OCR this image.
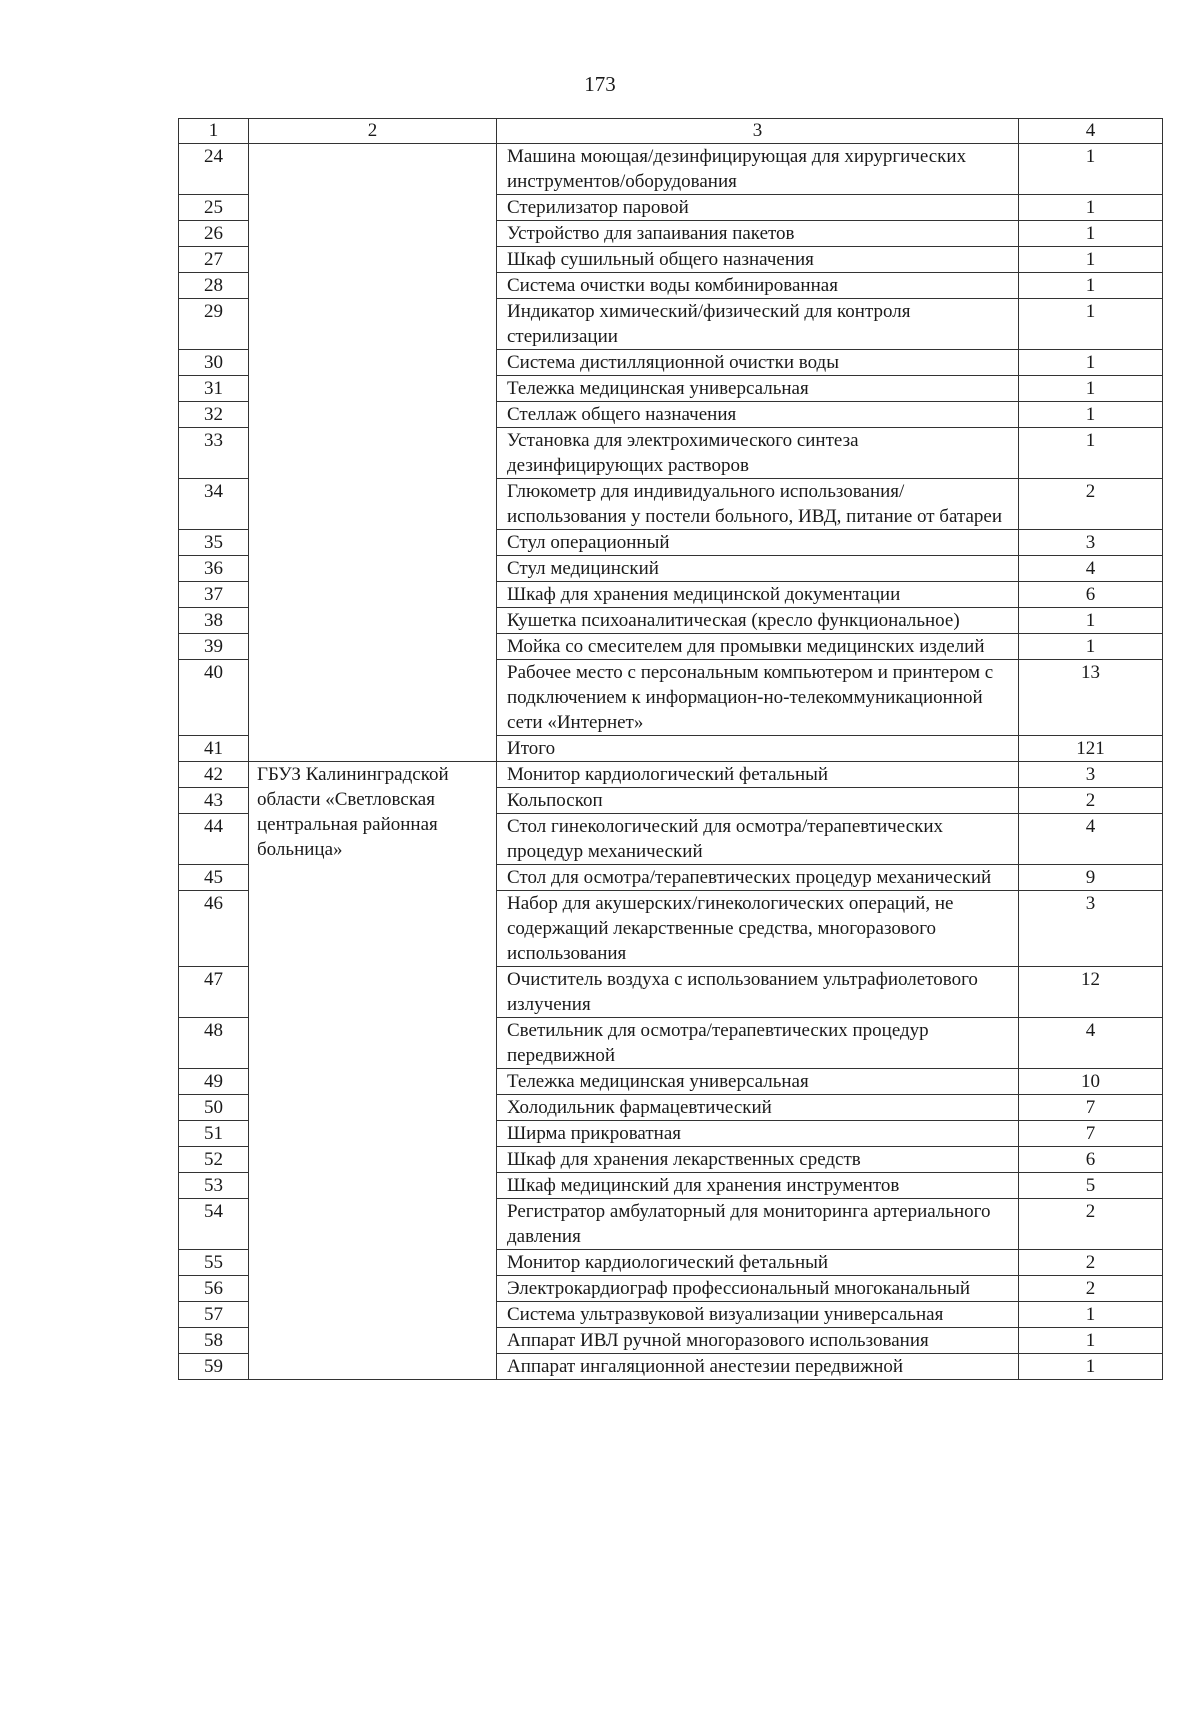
173
1	2	3	4
24		Машина моющая/дезинфицирующая для хирургических инструментов/оборудования	1
25		Стерилизатор паровой	1
26		Устройство для запаивания пакетов	1
27		Шкаф сушильный общего назначения	1
28		Система очистки воды комбинированная	1
29		Индикатор химический/физический для контроля стерилизации	1
30		Система дистилляционной очистки воды	1
31		Тележка медицинская универсальная	1
32		Стеллаж общего назначения	1
33		Установка для электрохимического синтеза дезинфицирующих растворов	1
34		Глюкометр для индивидуального использования/использования у постели больного, ИВД, питание от батареи	2
35		Стул операционный	3
36		Стул медицинский	4
37		Шкаф для хранения медицинской документации	6
38		Кушетка психоаналитическая (кресло функциональное)	1
39		Мойка со смесителем для промывки медицинских изделий	1
40		Рабочее место с персональным компьютером и принтером с подключением к информацион-но-телекоммуникационной сети «Интернет»	13
41		Итого	121
42	ГБУЗ Калининградской области «Светловская центральная районная больница»	Монитор кардиологический фетальный	3
43		Кольпоскоп	2
44		Стол гинекологический для осмотра/терапевтических процедур механический	4
45		Стол для осмотра/терапевтических процедур механический	9
46		Набор для акушерских/гинекологических операций, не содержащий лекарственные средства, многоразового использования	3
47		Очиститель воздуха с использованием ультрафиолетового излучения	12
48		Светильник для осмотра/терапевтических процедур передвижной	4
49		Тележка медицинская универсальная	10
50		Холодильник фармацевтический	7
51		Ширма прикроватная	7
52		Шкаф для хранения лекарственных средств	6
53		Шкаф медицинский для хранения инструментов	5
54		Регистратор амбулаторный для мониторинга артериального давления	2
55		Монитор кардиологический фетальный	2
56		Электрокардиограф профессиональный многоканальный	2
57		Система ультразвуковой визуализации универсальная	1
58		Аппарат ИВЛ ручной многоразового использования	1
59		Аппарат ингаляционной анестезии передвижной	1
